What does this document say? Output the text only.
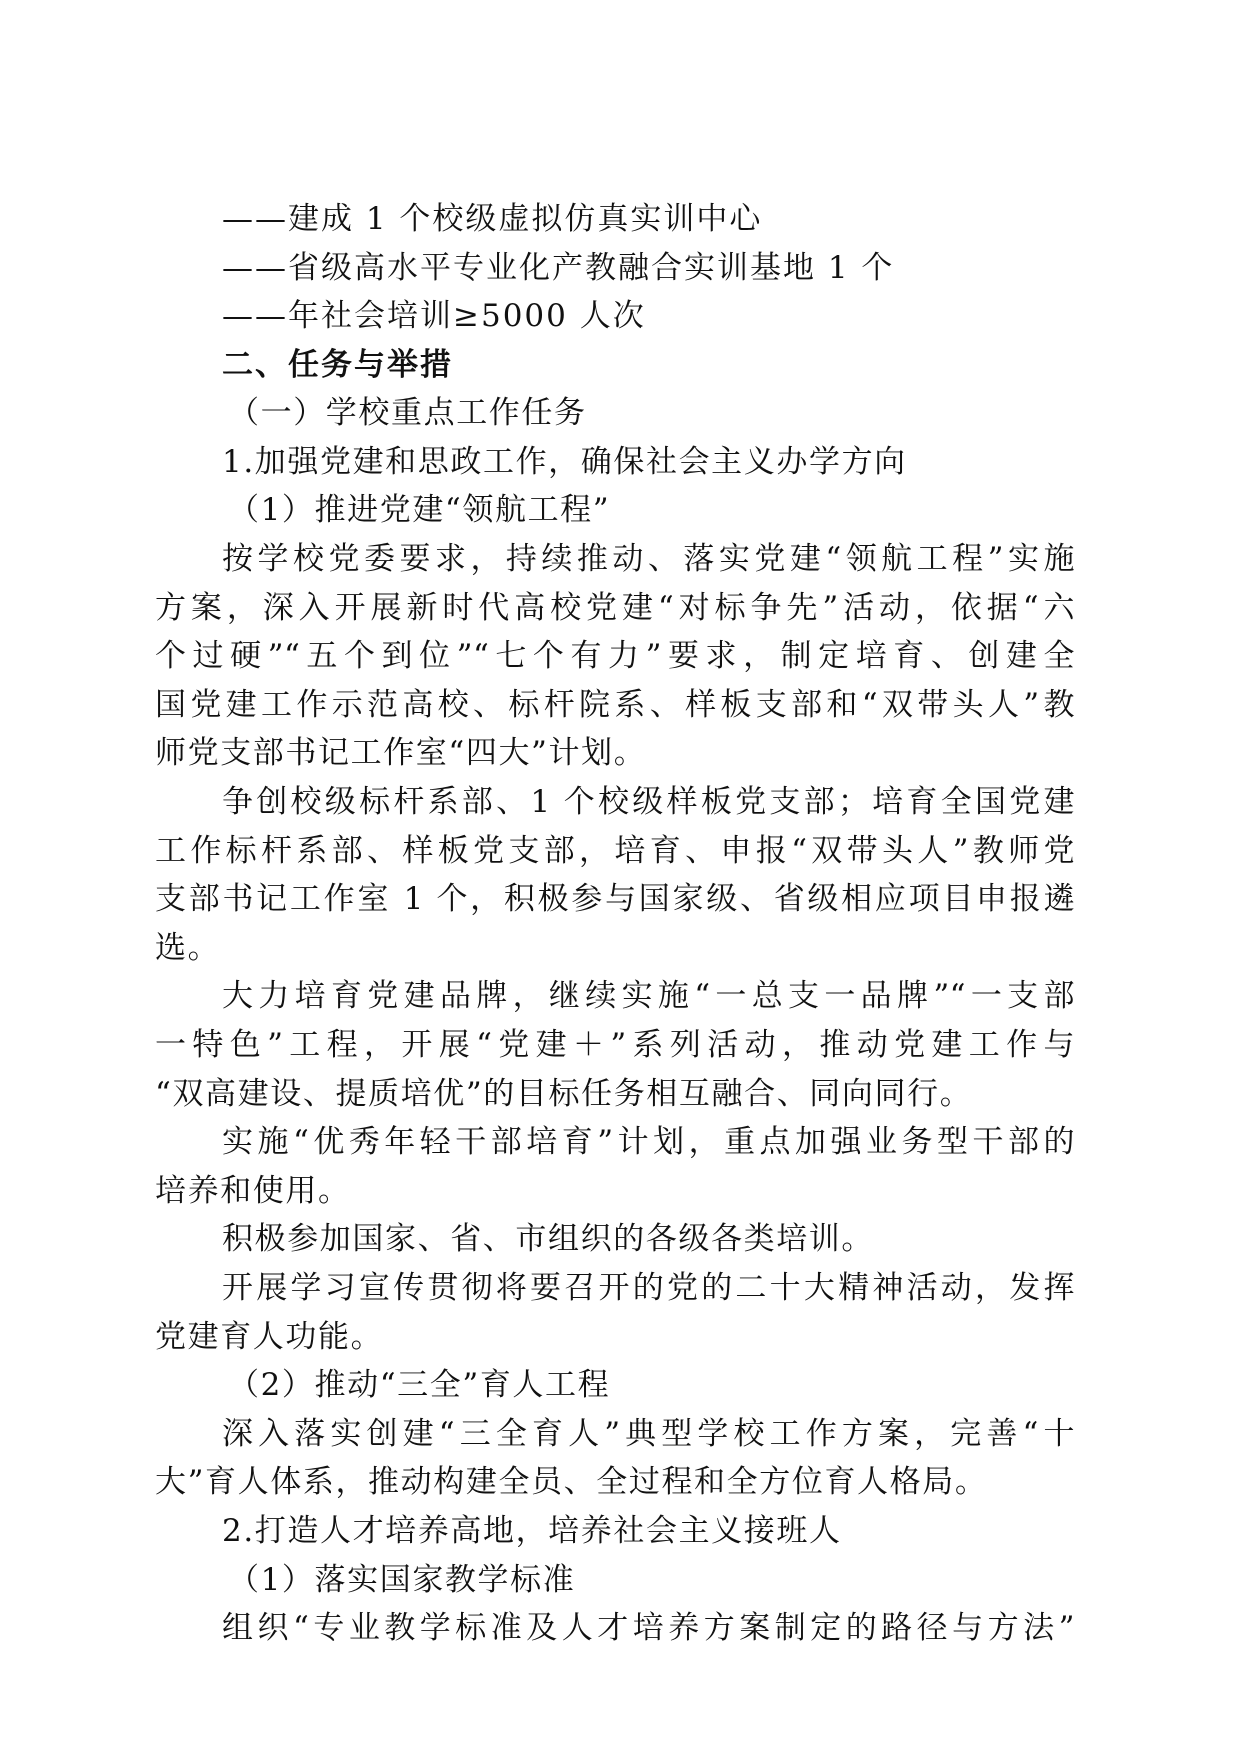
——建成 1 个校级虚拟仿真实训中心
——省级高水平专业化产教融合实训基地 1 个
——年社会培训≥5000 人次
二、任务与举措
（一）学校重点工作任务
1.加强党建和思政工作，确保社会主义办学方向
（1）推进党建“领航工程”
按学校党委要求，持续推动、落实党建“领航工程”实施
方案，深入开展新时代高校党建“对标争先”活动，依据“六
个过硬”“五个到位”“七个有力”要求，制定培育、创建全
国党建工作示范高校、标杆院系、样板支部和“双带头人”教
师党支部书记工作室“四大”计划。
争创校级标杆系部、1 个校级样板党支部；培育全国党建
工作标杆系部、样板党支部，培育、申报“双带头人”教师党
支部书记工作室 1 个，积极参与国家级、省级相应项目申报遴
选。
大力培育党建品牌，继续实施“一总支一品牌”“一支部
一特色”工程，开展“党建＋”系列活动，推动党建工作与
“双高建设、提质培优”的目标任务相互融合、同向同行。
实施“优秀年轻干部培育”计划，重点加强业务型干部的
培养和使用。
积极参加国家、省、市组织的各级各类培训。
开展学习宣传贯彻将要召开的党的二十大精神活动，发挥
党建育人功能。
（2）推动“三全”育人工程
深入落实创建“三全育人”典型学校工作方案，完善“十
大”育人体系，推动构建全员、全过程和全方位育人格局。
2.打造人才培养高地，培养社会主义接班人
（1）落实国家教学标准
组织“专业教学标准及人才培养方案制定的路径与方法”
